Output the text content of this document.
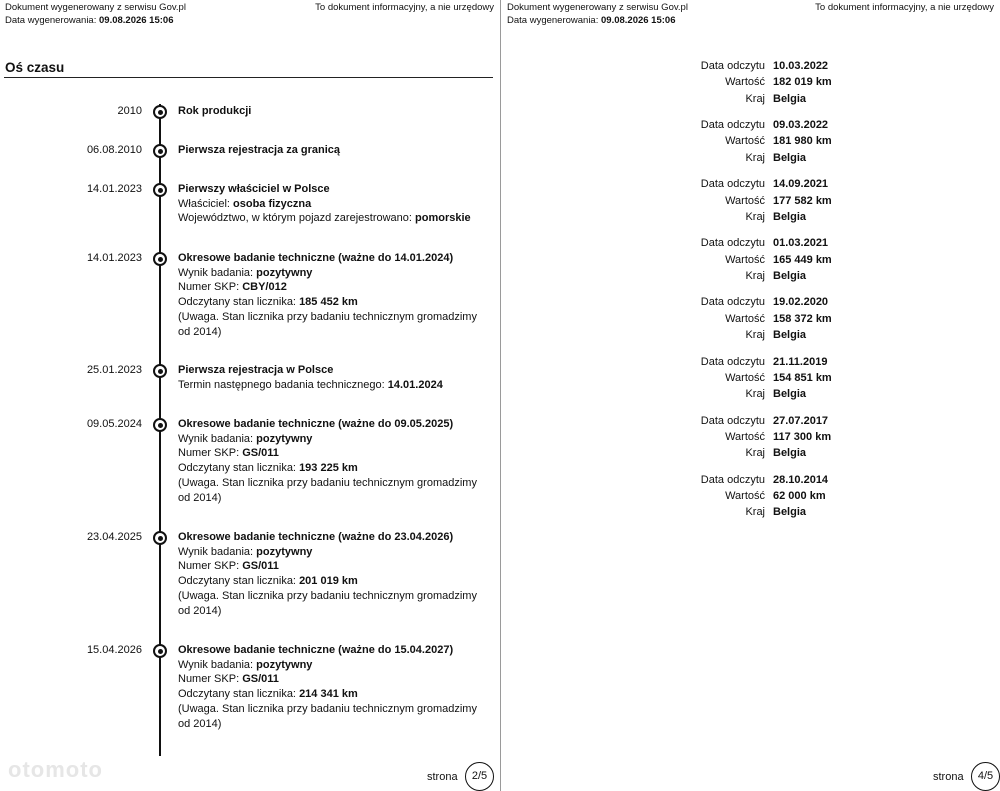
Dokument wygenerowany z serwisu Gov.pl
Data wygenerowania: 09.08.2026 15:06
To dokument informacyjny, a nie urzędowy
Oś czasu
2010	Rok produkcji
06.08.2010	Pierwsza rejestracja za granicą
14.01.2023	Pierwszy właściciel w Polsce
Właściciel: osoba fizyczna
Województwo, w którym pojazd zarejestrowano: pomorskie
14.01.2023	Okresowe badanie techniczne (ważne do 14.01.2024)
Wynik badania: pozytywny
Numer SKP: CBY/012
Odczytany stan licznika: 185 452 km
(Uwaga. Stan licznika przy badaniu technicznym gromadzimy od 2014)
25.01.2023	Pierwsza rejestracja w Polsce
Termin następnego badania technicznego: 14.01.2024
09.05.2024	Okresowe badanie techniczne (ważne do 09.05.2025)
Wynik badania: pozytywny
Numer SKP: GS/011
Odczytany stan licznika: 193 225 km
(Uwaga. Stan licznika przy badaniu technicznym gromadzimy od 2014)
23.04.2025	Okresowe badanie techniczne (ważne do 23.04.2026)
Wynik badania: pozytywny
Numer SKP: GS/011
Odczytany stan licznika: 201 019 km
(Uwaga. Stan licznika przy badaniu technicznym gromadzimy od 2014)
15.04.2026	Okresowe badanie techniczne (ważne do 15.04.2027)
Wynik badania: pozytywny
Numer SKP: GS/011
Odczytany stan licznika: 214 341 km
(Uwaga. Stan licznika przy badaniu technicznym gromadzimy od 2014)
strona	2/5
otomoto
Dokument wygenerowany z serwisu Gov.pl
Data wygenerowania: 09.08.2026 15:06
To dokument informacyjny, a nie urzędowy
Data odczytu 10.03.2022
Wartość 182 019 km
Kraj Belgia
Data odczytu 09.03.2022
Wartość 181 980 km
Kraj Belgia
Data odczytu 14.09.2021
Wartość 177 582 km
Kraj Belgia
Data odczytu 01.03.2021
Wartość 165 449 km
Kraj Belgia
Data odczytu 19.02.2020
Wartość 158 372 km
Kraj Belgia
Data odczytu 21.11.2019
Wartość 154 851 km
Kraj Belgia
Data odczytu 27.07.2017
Wartość 117 300 km
Kraj Belgia
Data odczytu 28.10.2014
Wartość 62 000 km
Kraj Belgia
strona	4/5
